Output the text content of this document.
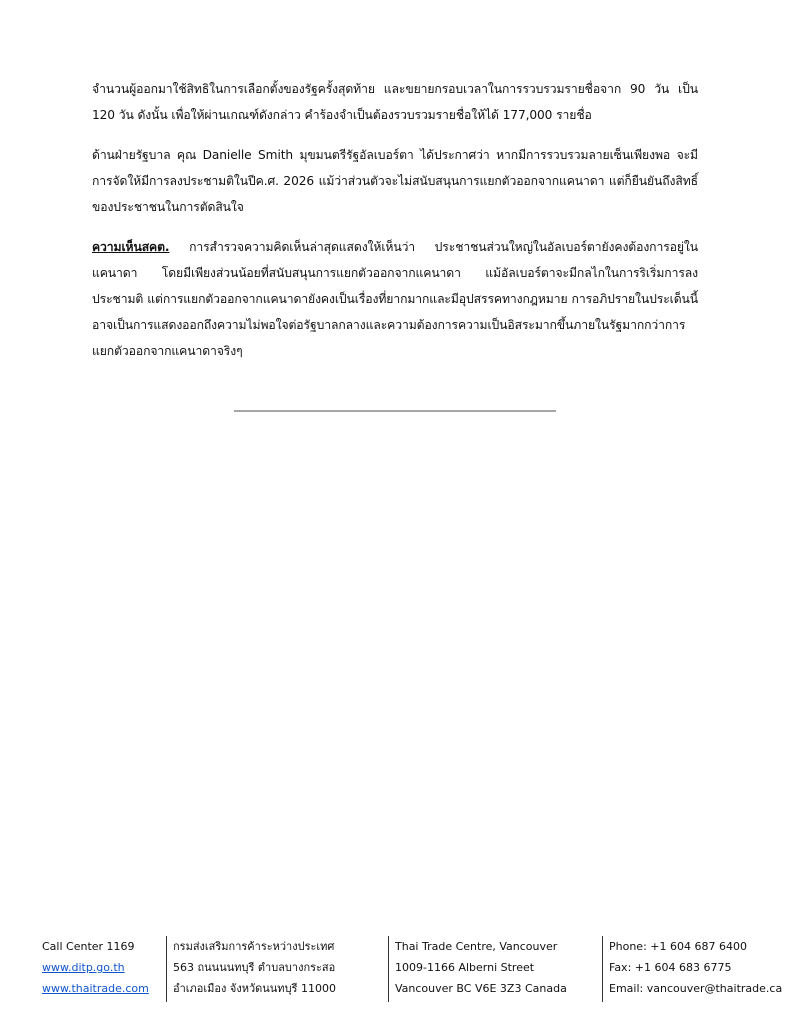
จำนวนผู้ออกมาใช้สิทธิในการเลือกตั้งของรัฐครั้งสุดท้าย และขยายกรอบเวลาในการรวบรวมรายชื่อจาก 90 วัน เป็น 120 วัน ดังนั้น เพื่อให้ผ่านเกณฑ์ดังกล่าว คำร้องจำเป็นต้องรวบรวมรายชื่อให้ได้ 177,000 รายชื่อ

ด้านฝ่ายรัฐบาล คุณ Danielle Smith มุขมนตรีรัฐอัลเบอร์ตา ได้ประกาศว่า หากมีการรวบรวมลายเซ็นเพียงพอ จะมีการจัดให้มีการลงประชามติในปีค.ศ. 2026 แม้ว่าส่วนตัวจะไม่สนับสนุนการแยกตัวออกจากแคนาดา แต่ก็ยืนยันถึงสิทธิ์ของประชาชนในการตัดสินใจ

ความเห็นสคต. การสำรวจความคิดเห็นล่าสุดแสดงให้เห็นว่า ประชาชนส่วนใหญ่ในอัลเบอร์ตายังคงต้องการอยู่ในแคนาดา โดยมีเพียงส่วนน้อยที่สนับสนุนการแยกตัวออกจากแคนาดา แม้อัลเบอร์ตาจะมีกลไกในการริเริ่มการลงประชามติ แต่การแยกตัวออกจากแคนาดายังคงเป็นเรื่องที่ยากมากและมีอุปสรรคทางกฎหมาย การอภิปรายในประเด็นนี้ อาจเป็นการแสดงออกถึงความไม่พอใจต่อรัฐบาลกลางและความต้องการความเป็นอิสระมากขึ้นภายในรัฐมากกว่าการแยกตัวออกจากแคนาดาจริงๆ

Call Center 1169
www.ditp.go.th
www.thaitrade.com
กรมส่งเสริมการค้าระหว่างประเทศ
563 ถนนนนทบุรี ตำบลบางกระสอ
อำเภอเมือง จังหวัดนนทบุรี 11000
Thai Trade Centre, Vancouver
1009-1166 Alberni Street
Vancouver BC V6E 3Z3 Canada
Phone: +1 604 687 6400
Fax: +1 604 683 6775
Email: vancouver@thaitrade.ca
